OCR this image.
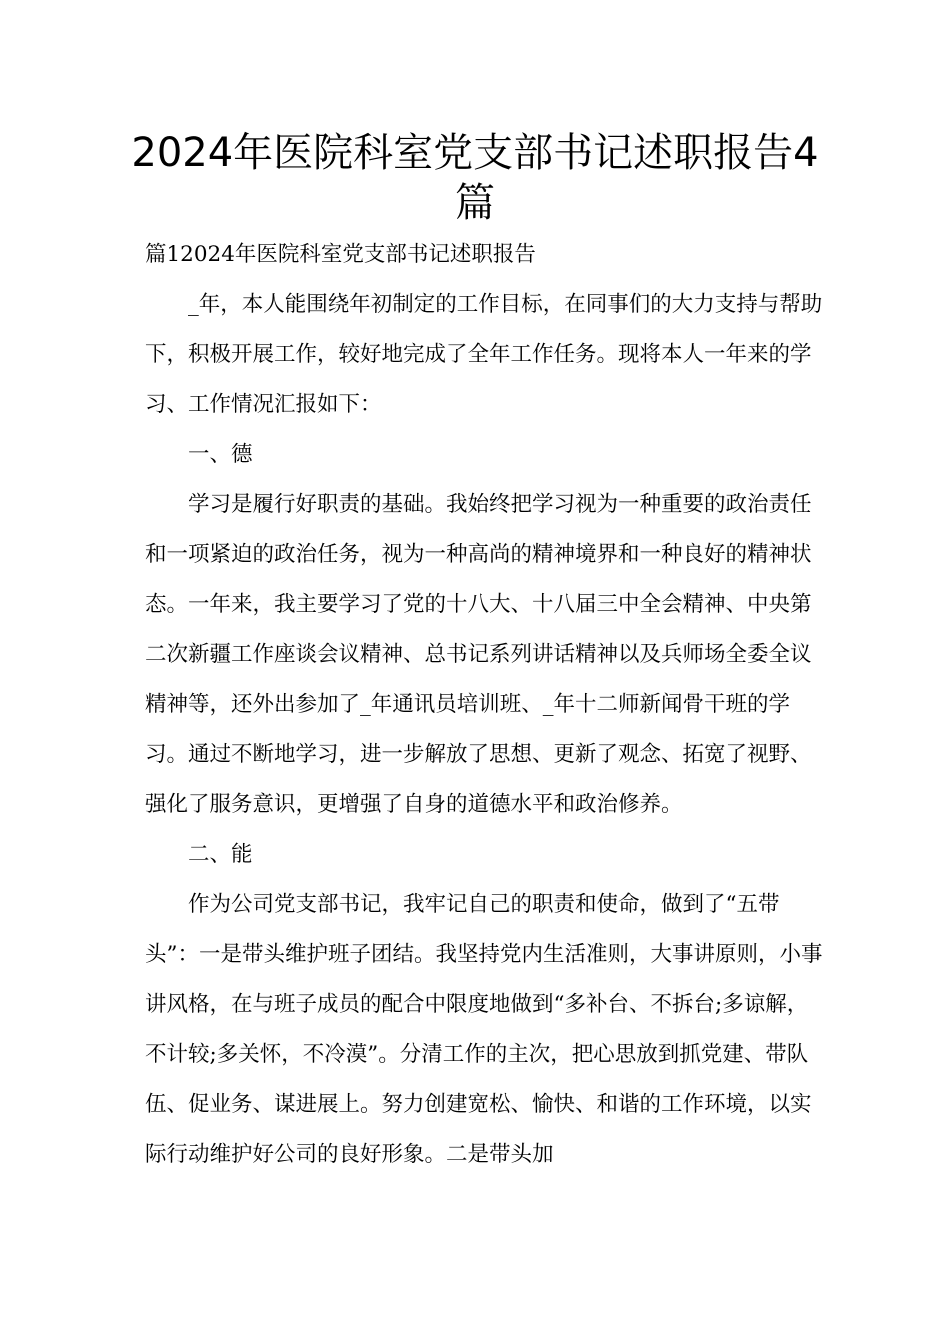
2024年医院科室党支部书记述职报告4篇

篇12024年医院科室党支部书记述职报告

_年，本人能围绕年初制定的工作目标，在同事们的大力支持与帮助下，积极开展工作，较好地完成了全年工作任务。现将本人一年来的学习、工作情况汇报如下：

一、德

学习是履行好职责的基础。我始终把学习视为一种重要的政治责任和一项紧迫的政治任务，视为一种高尚的精神境界和一种良好的精神状态。一年来，我主要学习了党的十八大、十八届三中全会精神、中央第二次新疆工作座谈会议精神、总书记系列讲话精神以及兵师场全委全议精神等，还外出参加了_年通讯员培训班、_年十二师新闻骨干班的学习。通过不断地学习，进一步解放了思想、更新了观念、拓宽了视野、强化了服务意识，更增强了自身的道德水平和政治修养。

二、能

作为公司党支部书记，我牢记自己的职责和使命，做到了“五带头”：一是带头维护班子团结。我坚持党内生活准则，大事讲原则，小事讲风格，在与班子成员的配合中限度地做到“多补台、不拆台;多谅解，不计较;多关怀，不冷漠”。分清工作的主次，把心思放到抓党建、带队伍、促业务、谋进展上。努力创建宽松、愉快、和谐的工作环境，以实际行动维护好公司的良好形象。二是带头加
